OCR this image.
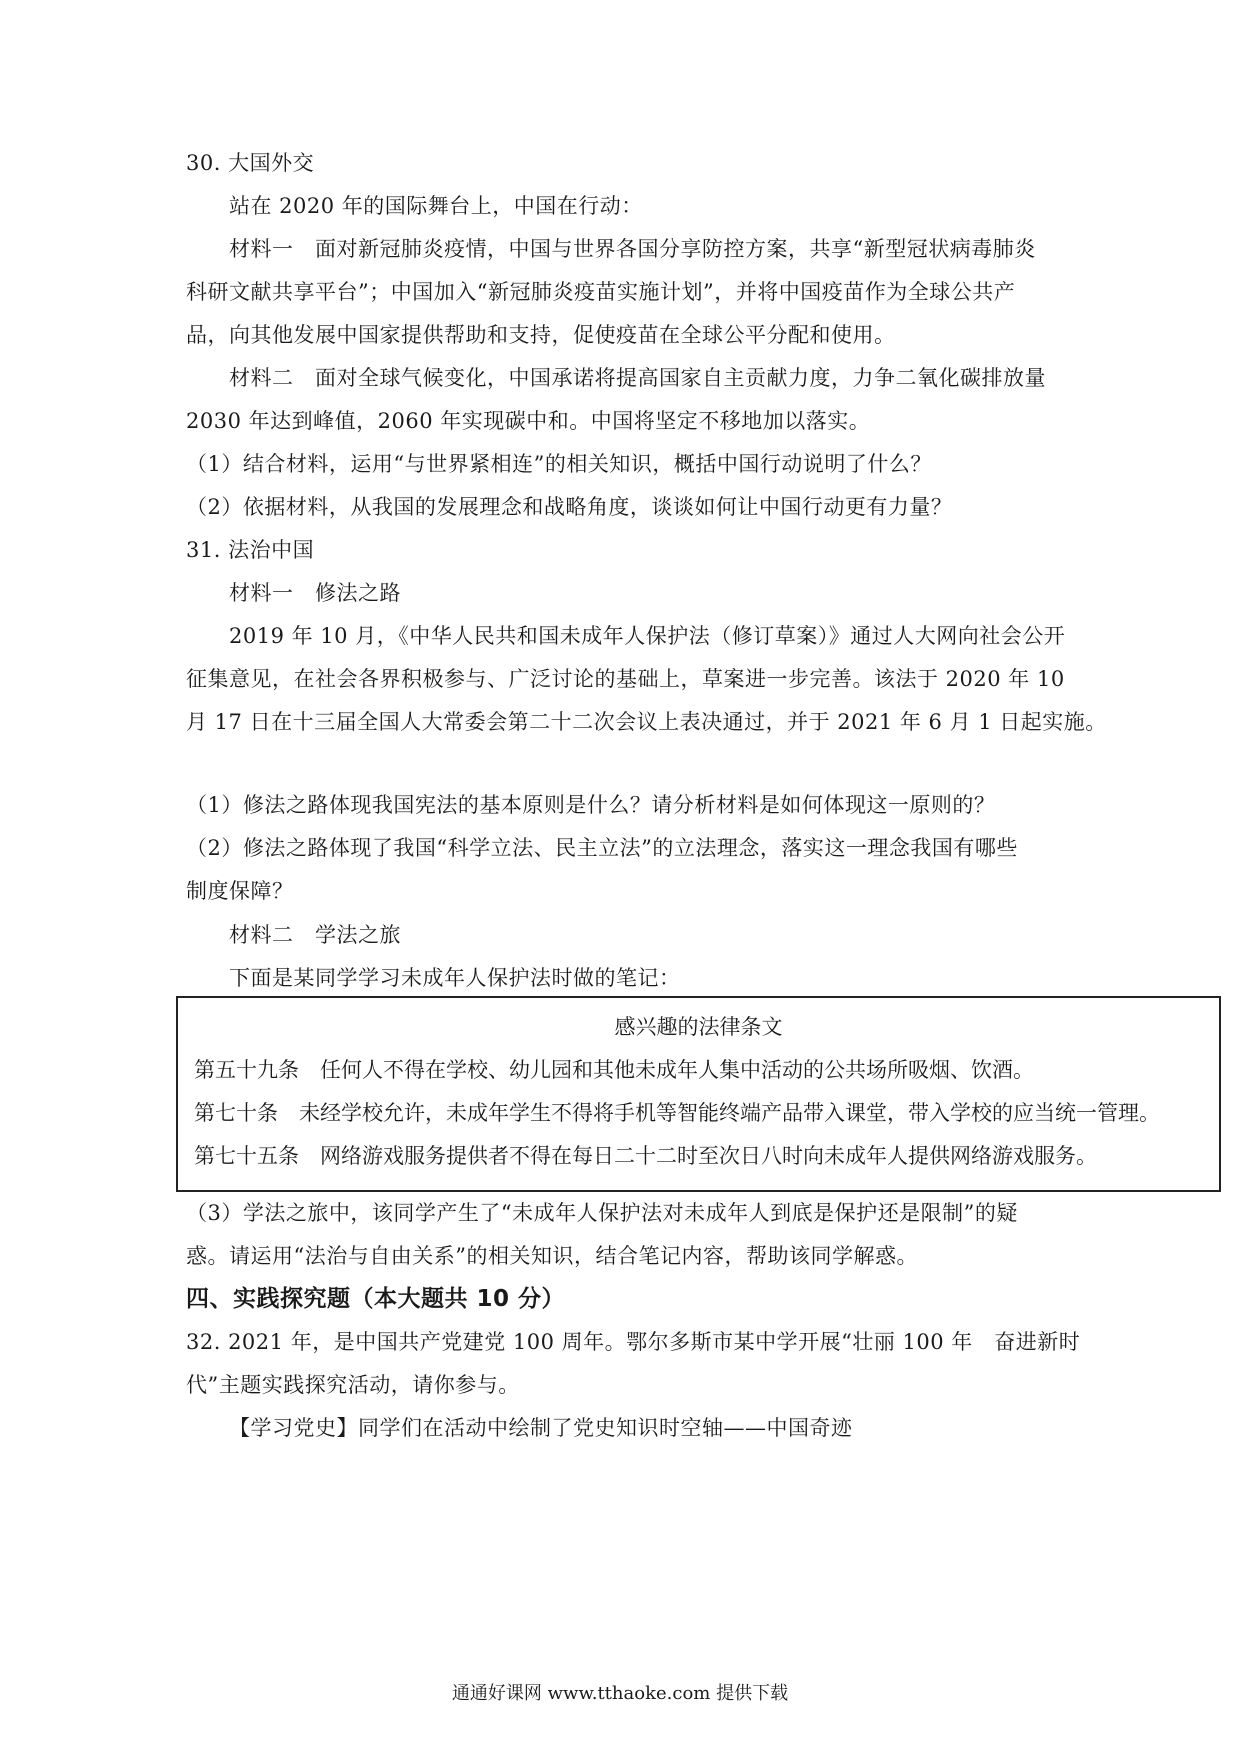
30. 大国外交
站在 2020 年的国际舞台上，中国在行动：
材料一　面对新冠肺炎疫情，中国与世界各国分享防控方案，共享“新型冠状病毒肺炎
科研文献共享平台”；中国加入“新冠肺炎疫苗实施计划”，并将中国疫苗作为全球公共产
品，向其他发展中国家提供帮助和支持，促使疫苗在全球公平分配和使用。
材料二　面对全球气候变化，中国承诺将提高国家自主贡献力度，力争二氧化碳排放量
2030 年达到峰值，2060 年实现碳中和。中国将坚定不移地加以落实。
（1）结合材料，运用“与世界紧相连”的相关知识，概括中国行动说明了什么？
（2）依据材料，从我国的发展理念和战略角度，谈谈如何让中国行动更有力量？
31. 法治中国
材料一　修法之路
2019 年 10 月，《中华人民共和国未成年人保护法（修订草案）》通过人大网向社会公开
征集意见，在社会各界积极参与、广泛讨论的基础上，草案进一步完善。该法于 2020 年 10
月 17 日在十三届全国人大常委会第二十二次会议上表决通过，并于 2021 年 6 月 1 日起实施。
（1）修法之路体现我国宪法的基本原则是什么？请分析材料是如何体现这一原则的？
（2）修法之路体现了我国“科学立法、民主立法”的立法理念，落实这一理念我国有哪些
制度保障？
材料二　学法之旅
下面是某同学学习未成年人保护法时做的笔记：
感兴趣的法律条文
第五十九条　任何人不得在学校、幼儿园和其他未成年人集中活动的公共场所吸烟、饮酒。
第七十条　未经学校允许，未成年学生不得将手机等智能终端产品带入课堂，带入学校的应当统一管理。
第七十五条　网络游戏服务提供者不得在每日二十二时至次日八时向未成年人提供网络游戏服务。
（3）学法之旅中，该同学产生了“未成年人保护法对未成年人到底是保护还是限制”的疑
惑。请运用“法治与自由关系”的相关知识，结合笔记内容，帮助该同学解惑。
四、实践探究题（本大题共 10 分）
32. 2021 年，是中国共产党建党 100 周年。鄂尔多斯市某中学开展“壮丽 100 年　奋进新时
代”主题实践探究活动，请你参与。
【学习党史】同学们在活动中绘制了党史知识时空轴——中国奇迹
通通好课网 www.tthaoke.com 提供下载
